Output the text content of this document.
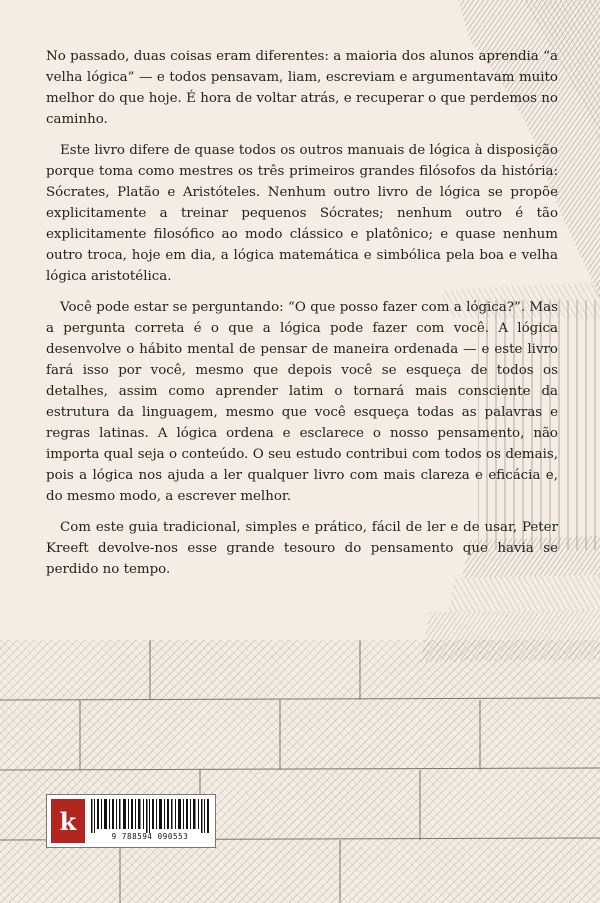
No passado, duas coisas eram diferentes: a maioria dos alunos aprendia “a velha lógica” — e todos pensavam, liam, escreviam e argumentavam muito melhor do que hoje. É hora de voltar atrás, e recuperar o que perdemos no caminho.

Este livro difere de quase todos os outros manuais de lógica à disposição porque toma como mestres os três primeiros grandes filósofos da história: Sócrates, Platão e Aristóteles. Nenhum outro livro de lógica se propõe explicitamente a treinar pequenos Sócrates; nenhum outro é tão explicitamente filosófico ao modo clássico e platônico; e quase nenhum outro troca, hoje em dia, a lógica matemática e simbólica pela boa e velha lógica aristotélica.

Você pode estar se perguntando: “O que posso fazer com a lógica?”. Mas a pergunta correta é o que a lógica pode fazer com você. A lógica desenvolve o hábito mental de pensar de maneira ordenada — e este livro fará isso por você, mesmo que depois você se esqueça de todos os detalhes, assim como aprender latim o tornará mais consciente da estrutura da linguagem, mesmo que você esqueça todas as palavras e regras latinas. A lógica ordena e esclarece o nosso pensamento, não importa qual seja o conteúdo. O seu estudo contribui com todos os demais, pois a lógica nos ajuda a ler qualquer livro com mais clareza e eficácia e, do mesmo modo, a escrever melhor.

Com este guia tradicional, simples e prático, fácil de ler e de usar, Peter Kreeft devolve-nos esse grande tesouro do pensamento que havia se perdido no tempo.

k
9 788594 090553
